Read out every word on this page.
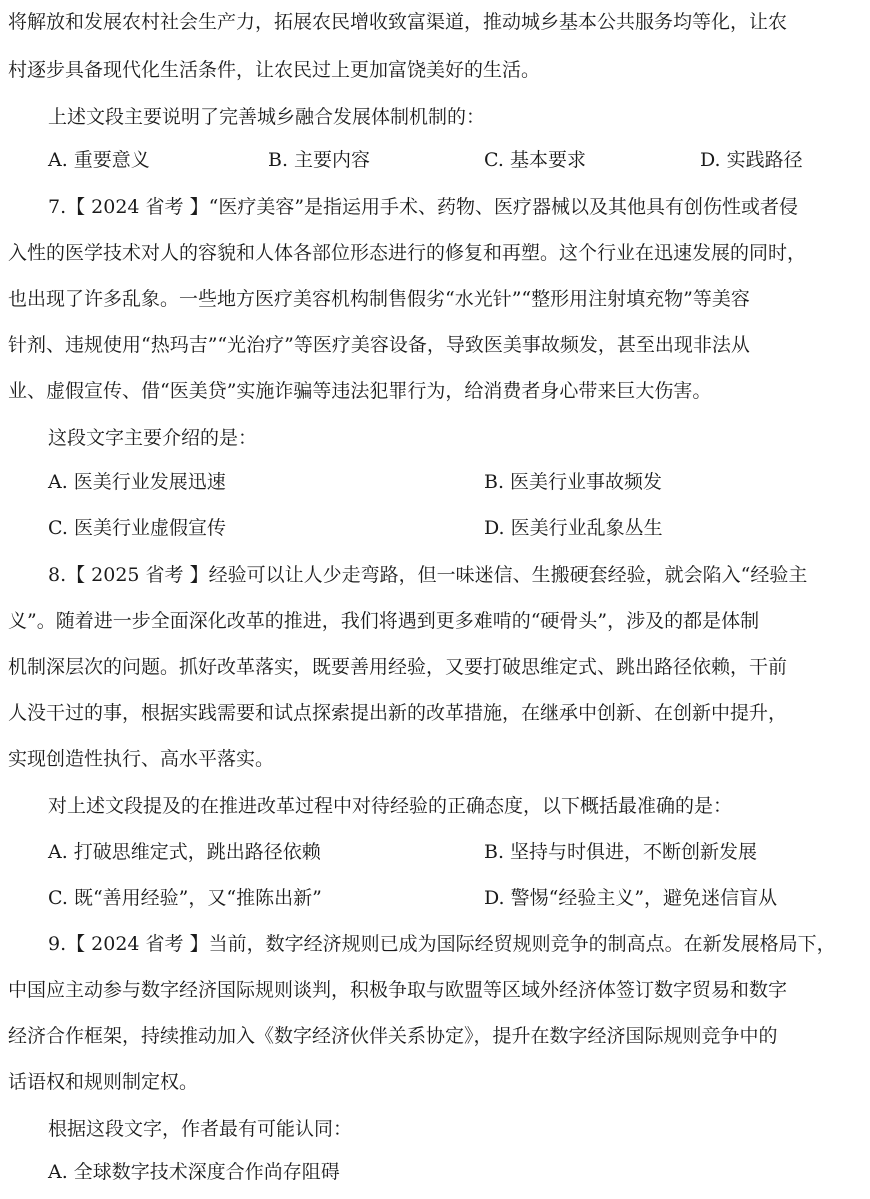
将解放和发展农村社会生产力，拓展农民增收致富渠道，推动城乡基本公共服务均等化，让农
村逐步具备现代化生活条件，让农民过上更加富饶美好的生活。
上述文段主要说明了完善城乡融合发展体制机制的：
A. 重要意义	B. 主要内容	C. 基本要求	D. 实践路径
7.【 2024 省考 】“医疗美容”是指运用手术、药物、医疗器械以及其他具有创伤性或者侵
入性的医学技术对人的容貌和人体各部位形态进行的修复和再塑。这个行业在迅速发展的同时，
也出现了许多乱象。一些地方医疗美容机构制售假劣“水光针”“整形用注射填充物”等美容
针剂、违规使用“热玛吉”“光治疗”等医疗美容设备，导致医美事故频发，甚至出现非法从
业、虚假宣传、借“医美贷”实施诈骗等违法犯罪行为，给消费者身心带来巨大伤害。
这段文字主要介绍的是：
A. 医美行业发展迅速	B. 医美行业事故频发
C. 医美行业虚假宣传	D. 医美行业乱象丛生
8.【 2025 省考 】经验可以让人少走弯路，但一味迷信、生搬硬套经验，就会陷入“经验主
义”。随着进一步全面深化改革的推进，我们将遇到更多难啃的“硬骨头”，涉及的都是体制
机制深层次的问题。抓好改革落实，既要善用经验，又要打破思维定式、跳出路径依赖，干前
人没干过的事，根据实践需要和试点探索提出新的改革措施，在继承中创新、在创新中提升，
实现创造性执行、高水平落实。
对上述文段提及的在推进改革过程中对待经验的正确态度，以下概括最准确的是：
A. 打破思维定式，跳出路径依赖	B. 坚持与时俱进，不断创新发展
C. 既“善用经验”，又“推陈出新”	D. 警惕“经验主义”，避免迷信盲从
9.【 2024 省考 】当前，数字经济规则已成为国际经贸规则竞争的制高点。在新发展格局下，
中国应主动参与数字经济国际规则谈判，积极争取与欧盟等区域外经济体签订数字贸易和数字
经济合作框架，持续推动加入《数字经济伙伴关系协定》，提升在数字经济国际规则竞争中的
话语权和规则制定权。
根据这段文字，作者最有可能认同：
A. 全球数字技术深度合作尚存阻碍
